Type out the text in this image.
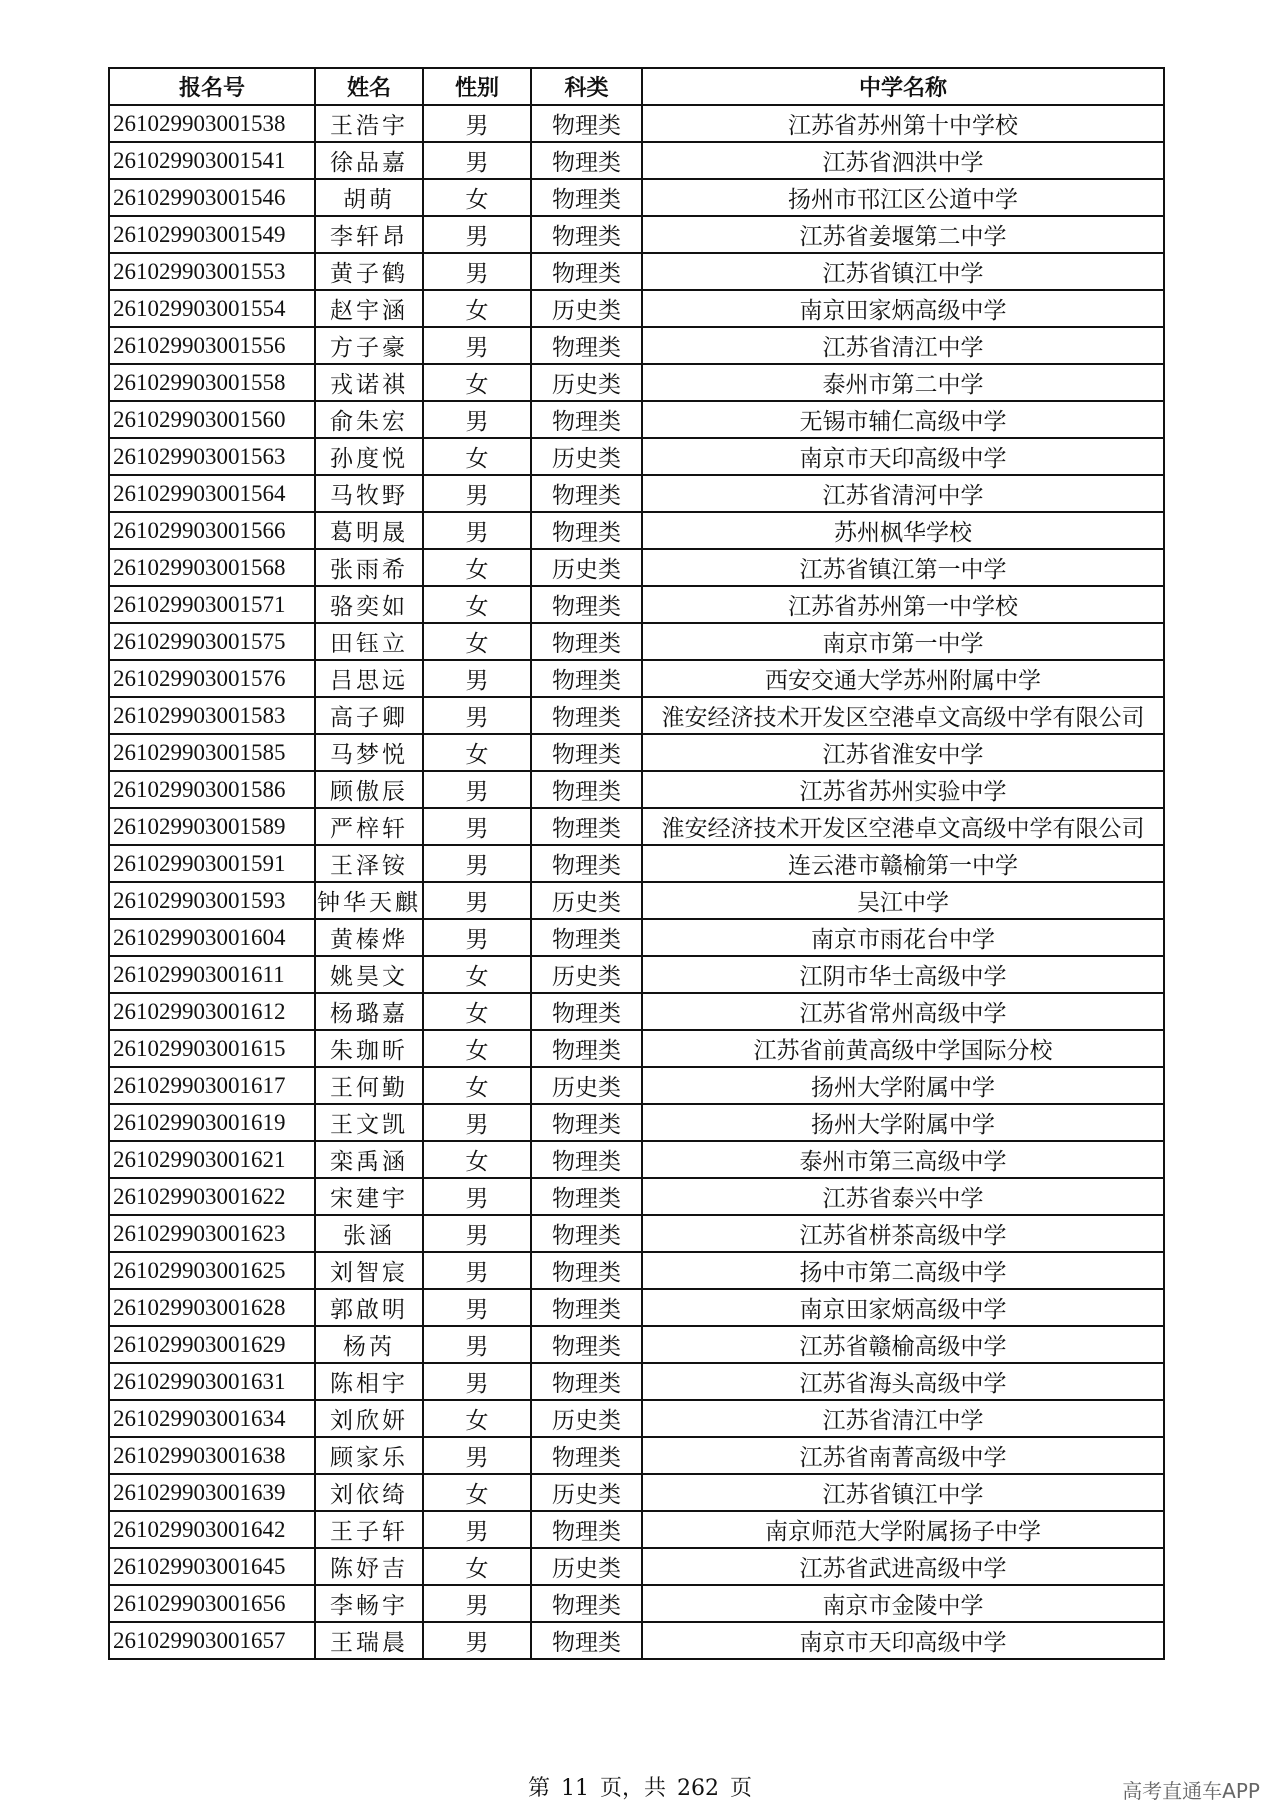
报名号	姓名	性别	科类	中学名称
261029903001538	王浩宇	男	物理类	江苏省苏州第十中学校
261029903001541	徐品嘉	男	物理类	江苏省泗洪中学
261029903001546	胡萌	女	物理类	扬州市邗江区公道中学
261029903001549	李轩昂	男	物理类	江苏省姜堰第二中学
261029903001553	黄子鹤	男	物理类	江苏省镇江中学
261029903001554	赵宇涵	女	历史类	南京田家炳高级中学
261029903001556	方子豪	男	物理类	江苏省清江中学
261029903001558	戎诺祺	女	历史类	泰州市第二中学
261029903001560	俞朱宏	男	物理类	无锡市辅仁高级中学
261029903001563	孙度悦	女	历史类	南京市天印高级中学
261029903001564	马牧野	男	物理类	江苏省清河中学
261029903001566	葛明晟	男	物理类	苏州枫华学校
261029903001568	张雨希	女	历史类	江苏省镇江第一中学
261029903001571	骆奕如	女	物理类	江苏省苏州第一中学校
261029903001575	田钰立	女	物理类	南京市第一中学
261029903001576	吕思远	男	物理类	西安交通大学苏州附属中学
261029903001583	高子卿	男	物理类	淮安经济技术开发区空港卓文高级中学有限公司
261029903001585	马梦悦	女	物理类	江苏省淮安中学
261029903001586	顾傲辰	男	物理类	江苏省苏州实验中学
261029903001589	严梓轩	男	物理类	淮安经济技术开发区空港卓文高级中学有限公司
261029903001591	王泽铵	男	物理类	连云港市赣榆第一中学
261029903001593	钟华天麒	男	历史类	吴江中学
261029903001604	黄榛烨	男	物理类	南京市雨花台中学
261029903001611	姚昊文	女	历史类	江阴市华士高级中学
261029903001612	杨璐嘉	女	物理类	江苏省常州高级中学
261029903001615	朱珈昕	女	物理类	江苏省前黄高级中学国际分校
261029903001617	王何勤	女	历史类	扬州大学附属中学
261029903001619	王文凯	男	物理类	扬州大学附属中学
261029903001621	栾禹涵	女	物理类	泰州市第三高级中学
261029903001622	宋建宇	男	物理类	江苏省泰兴中学
261029903001623	张涵	男	物理类	江苏省栟茶高级中学
261029903001625	刘智宸	男	物理类	扬中市第二高级中学
261029903001628	郭啟明	男	物理类	南京田家炳高级中学
261029903001629	杨芮	男	物理类	江苏省赣榆高级中学
261029903001631	陈相宇	男	物理类	江苏省海头高级中学
261029903001634	刘欣妍	女	历史类	江苏省清江中学
261029903001638	顾家乐	男	物理类	江苏省南菁高级中学
261029903001639	刘依绮	女	历史类	江苏省镇江中学
261029903001642	王子轩	男	物理类	南京师范大学附属扬子中学
261029903001645	陈妤吉	女	历史类	江苏省武进高级中学
261029903001656	李畅宇	男	物理类	南京市金陵中学
261029903001657	王瑞晨	男	物理类	南京市天印高级中学
第 11 页，共 262 页	高考直通车APP
